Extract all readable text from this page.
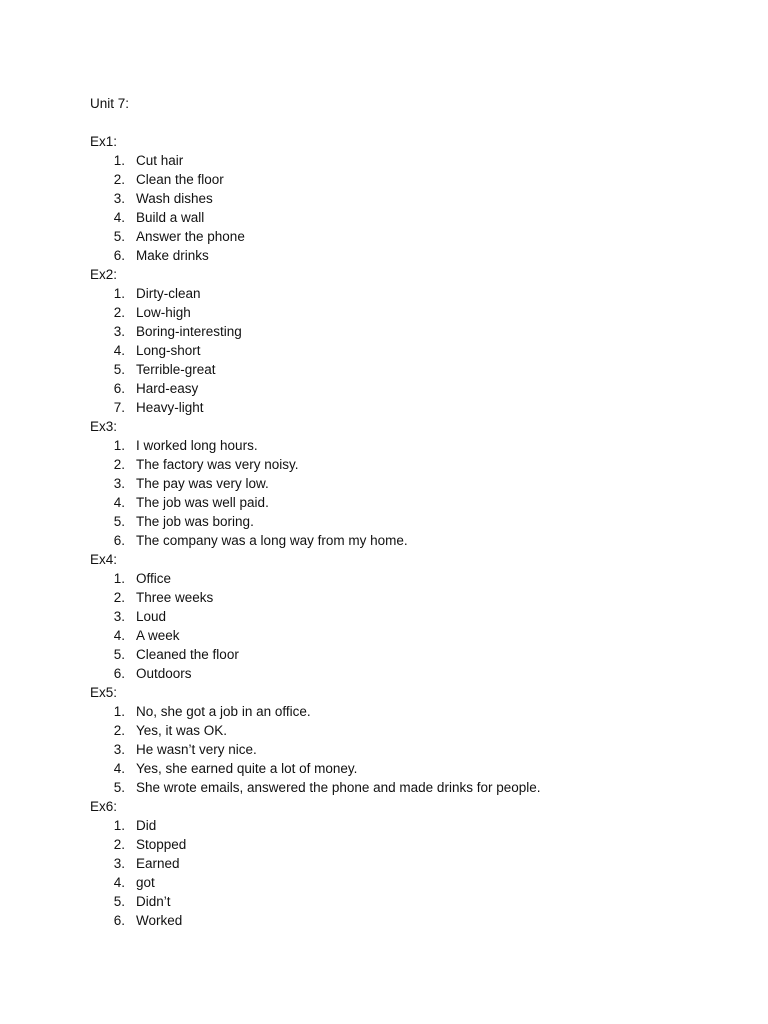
Unit 7:
Ex1:
1. Cut hair
2. Clean the floor
3. Wash dishes
4. Build a wall
5. Answer the phone
6. Make drinks
Ex2:
1. Dirty-clean
2. Low-high
3. Boring-interesting
4. Long-short
5. Terrible-great
6. Hard-easy
7. Heavy-light
Ex3:
1. I worked long hours.
2. The factory was very noisy.
3. The pay was very low.
4. The job was well paid.
5. The job was boring.
6. The company was a long way from my home.
Ex4:
1. Office
2. Three weeks
3. Loud
4. A week
5. Cleaned the floor
6. Outdoors
Ex5:
1. No, she got a job in an office.
2. Yes, it was OK.
3. He wasn’t very nice.
4. Yes, she earned quite a lot of money.
5. She wrote emails, answered the phone and made drinks for people.
Ex6:
1. Did
2. Stopped
3. Earned
4. got
5. Didn’t
6. Worked
